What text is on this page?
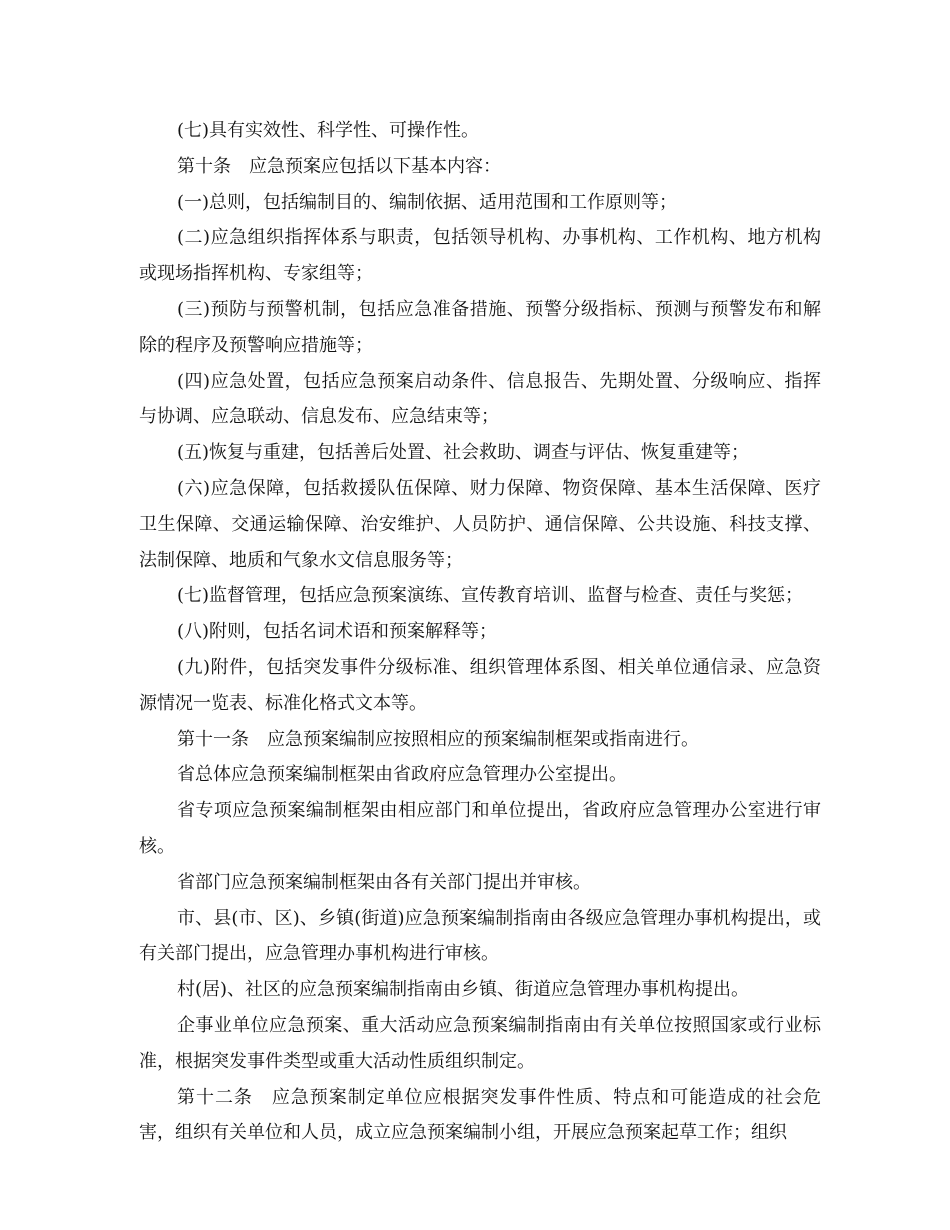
(七)具有实效性、科学性、可操作性。

第十条　应急预案应包括以下基本内容：

(一)总则，包括编制目的、编制依据、适用范围和工作原则等；

(二)应急组织指挥体系与职责，包括领导机构、办事机构、工作机构、地方机构或现场指挥机构、专家组等；

(三)预防与预警机制，包括应急准备措施、预警分级指标、预测与预警发布和解除的程序及预警响应措施等；

(四)应急处置，包括应急预案启动条件、信息报告、先期处置、分级响应、指挥与协调、应急联动、信息发布、应急结束等；

(五)恢复与重建，包括善后处置、社会救助、调查与评估、恢复重建等；

(六)应急保障，包括救援队伍保障、财力保障、物资保障、基本生活保障、医疗卫生保障、交通运输保障、治安维护、人员防护、通信保障、公共设施、科技支撑、法制保障、地质和气象水文信息服务等；

(七)监督管理，包括应急预案演练、宣传教育培训、监督与检查、责任与奖惩；

(八)附则，包括名词术语和预案解释等；

(九)附件，包括突发事件分级标准、组织管理体系图、相关单位通信录、应急资源情况一览表、标准化格式文本等。

第十一条　应急预案编制应按照相应的预案编制框架或指南进行。

省总体应急预案编制框架由省政府应急管理办公室提出。

省专项应急预案编制框架由相应部门和单位提出，省政府应急管理办公室进行审核。

省部门应急预案编制框架由各有关部门提出并审核。

市、县(市、区)、乡镇(街道)应急预案编制指南由各级应急管理办事机构提出，或有关部门提出，应急管理办事机构进行审核。

村(居)、社区的应急预案编制指南由乡镇、街道应急管理办事机构提出。

企事业单位应急预案、重大活动应急预案编制指南由有关单位按照国家或行业标准，根据突发事件类型或重大活动性质组织制定。

第十二条　应急预案制定单位应根据突发事件性质、特点和可能造成的社会危害，组织有关单位和人员，成立应急预案编制小组，开展应急预案起草工作；组织
